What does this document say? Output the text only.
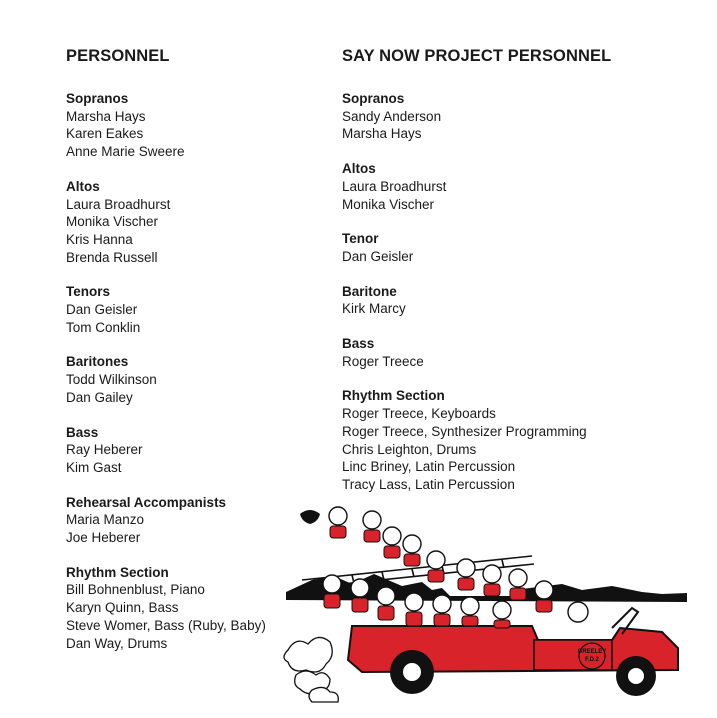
PERSONNEL
Sopranos
Marsha Hays
Karen Eakes
Anne Marie Sweere
Altos
Laura Broadhurst
Monika Vischer
Kris Hanna
Brenda Russell
Tenors
Dan Geisler
Tom Conklin
Baritones
Todd Wilkinson
Dan Gailey
Bass
Ray Heberer
Kim Gast
Rehearsal Accompanists
Maria Manzo
Joe Heberer
Rhythm Section
Bill Bohnenblust, Piano
Karyn Quinn, Bass
Steve Womer, Bass (Ruby, Baby)
Dan Way, Drums
SAY NOW PROJECT PERSONNEL
Sopranos
Sandy Anderson
Marsha Hays
Altos
Laura Broadhurst
Monika Vischer
Tenor
Dan Geisler
Baritone
Kirk Marcy
Bass
Roger Treece
Rhythm Section
Roger Treece, Keyboards
Roger Treece, Synthesizer Programming
Chris Leighton, Drums
Linc Briney, Latin Percussion
Tracy Lass, Latin Percussion
GREELEY
F.D.2
